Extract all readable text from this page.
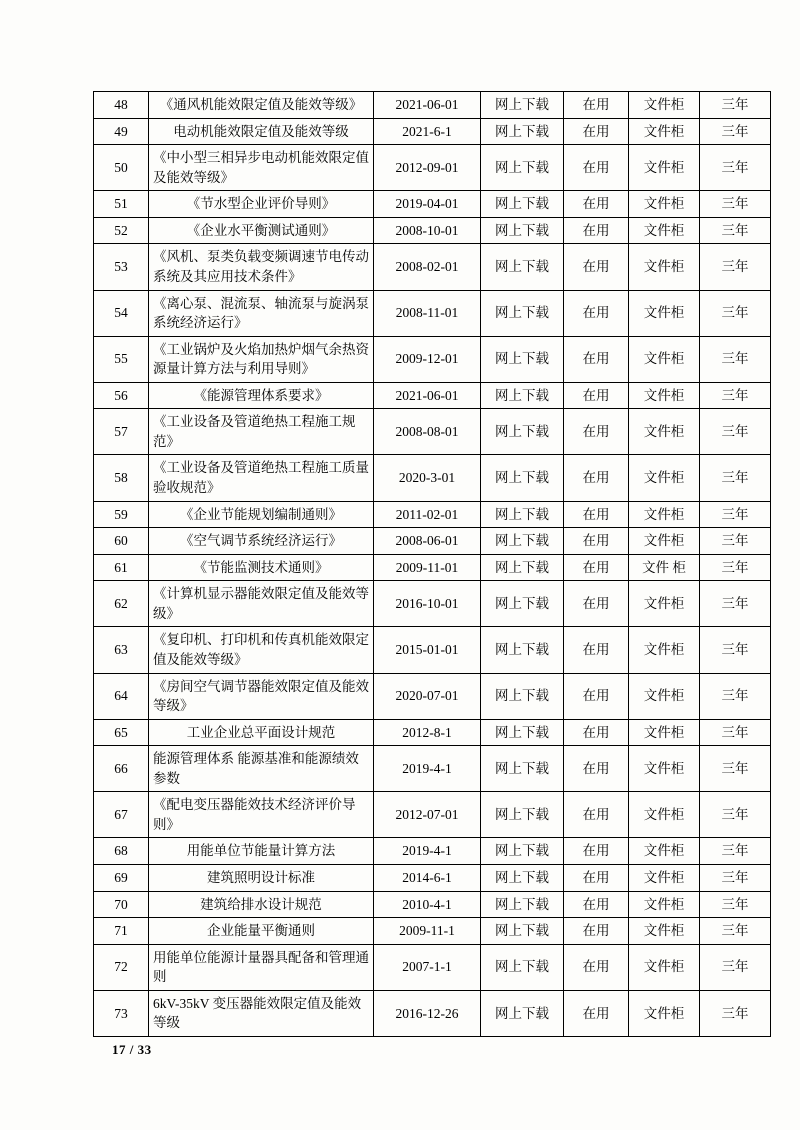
48	《通风机能效限定值及能效等级》	2021-06-01	网上下载	在用	文件柜	三年
49	电动机能效限定值及能效等级	2021-6-1	网上下载	在用	文件柜	三年
50	《中小型三相异步电动机能效限定值及能效等级》	2012-09-01	网上下载	在用	文件柜	三年
51	《节水型企业评价导则》	2019-04-01	网上下载	在用	文件柜	三年
52	《企业水平衡测试通则》	2008-10-01	网上下载	在用	文件柜	三年
53	《风机、泵类负载变频调速节电传动系统及其应用技术条件》	2008-02-01	网上下载	在用	文件柜	三年
54	《离心泵、混流泵、轴流泵与旋涡泵系统经济运行》	2008-11-01	网上下载	在用	文件柜	三年
55	《工业锅炉及火焰加热炉烟气余热资源量计算方法与利用导则》	2009-12-01	网上下载	在用	文件柜	三年
56	《能源管理体系要求》	2021-06-01	网上下载	在用	文件柜	三年
57	《工业设备及管道绝热工程施工规范》	2008-08-01	网上下载	在用	文件柜	三年
58	《工业设备及管道绝热工程施工质量验收规范》	2020-3-01	网上下载	在用	文件柜	三年
59	《企业节能规划编制通则》	2011-02-01	网上下载	在用	文件柜	三年
60	《空气调节系统经济运行》	2008-06-01	网上下载	在用	文件柜	三年
61	《节能监测技术通则》	2009-11-01	网上下载	在用	文件 柜	三年
62	《计算机显示器能效限定值及能效等级》	2016-10-01	网上下载	在用	文件柜	三年
63	《复印机、打印机和传真机能效限定值及能效等级》	2015-01-01	网上下载	在用	文件柜	三年
64	《房间空气调节器能效限定值及能效等级》	2020-07-01	网上下载	在用	文件柜	三年
65	工业企业总平面设计规范	2012-8-1	网上下载	在用	文件柜	三年
66	能源管理体系 能源基准和能源绩效参数	2019-4-1	网上下载	在用	文件柜	三年
67	《配电变压器能效技术经济评价导则》	2012-07-01	网上下载	在用	文件柜	三年
68	用能单位节能量计算方法	2019-4-1	网上下载	在用	文件柜	三年
69	建筑照明设计标准	2014-6-1	网上下载	在用	文件柜	三年
70	建筑给排水设计规范	2010-4-1	网上下载	在用	文件柜	三年
71	企业能量平衡通则	2009-11-1	网上下载	在用	文件柜	三年
72	用能单位能源计量器具配备和管理通则	2007-1-1	网上下载	在用	文件柜	三年
73	6kV-35kV 变压器能效限定值及能效等级	2016-12-26	网上下载	在用	文件柜	三年
17 / 33
